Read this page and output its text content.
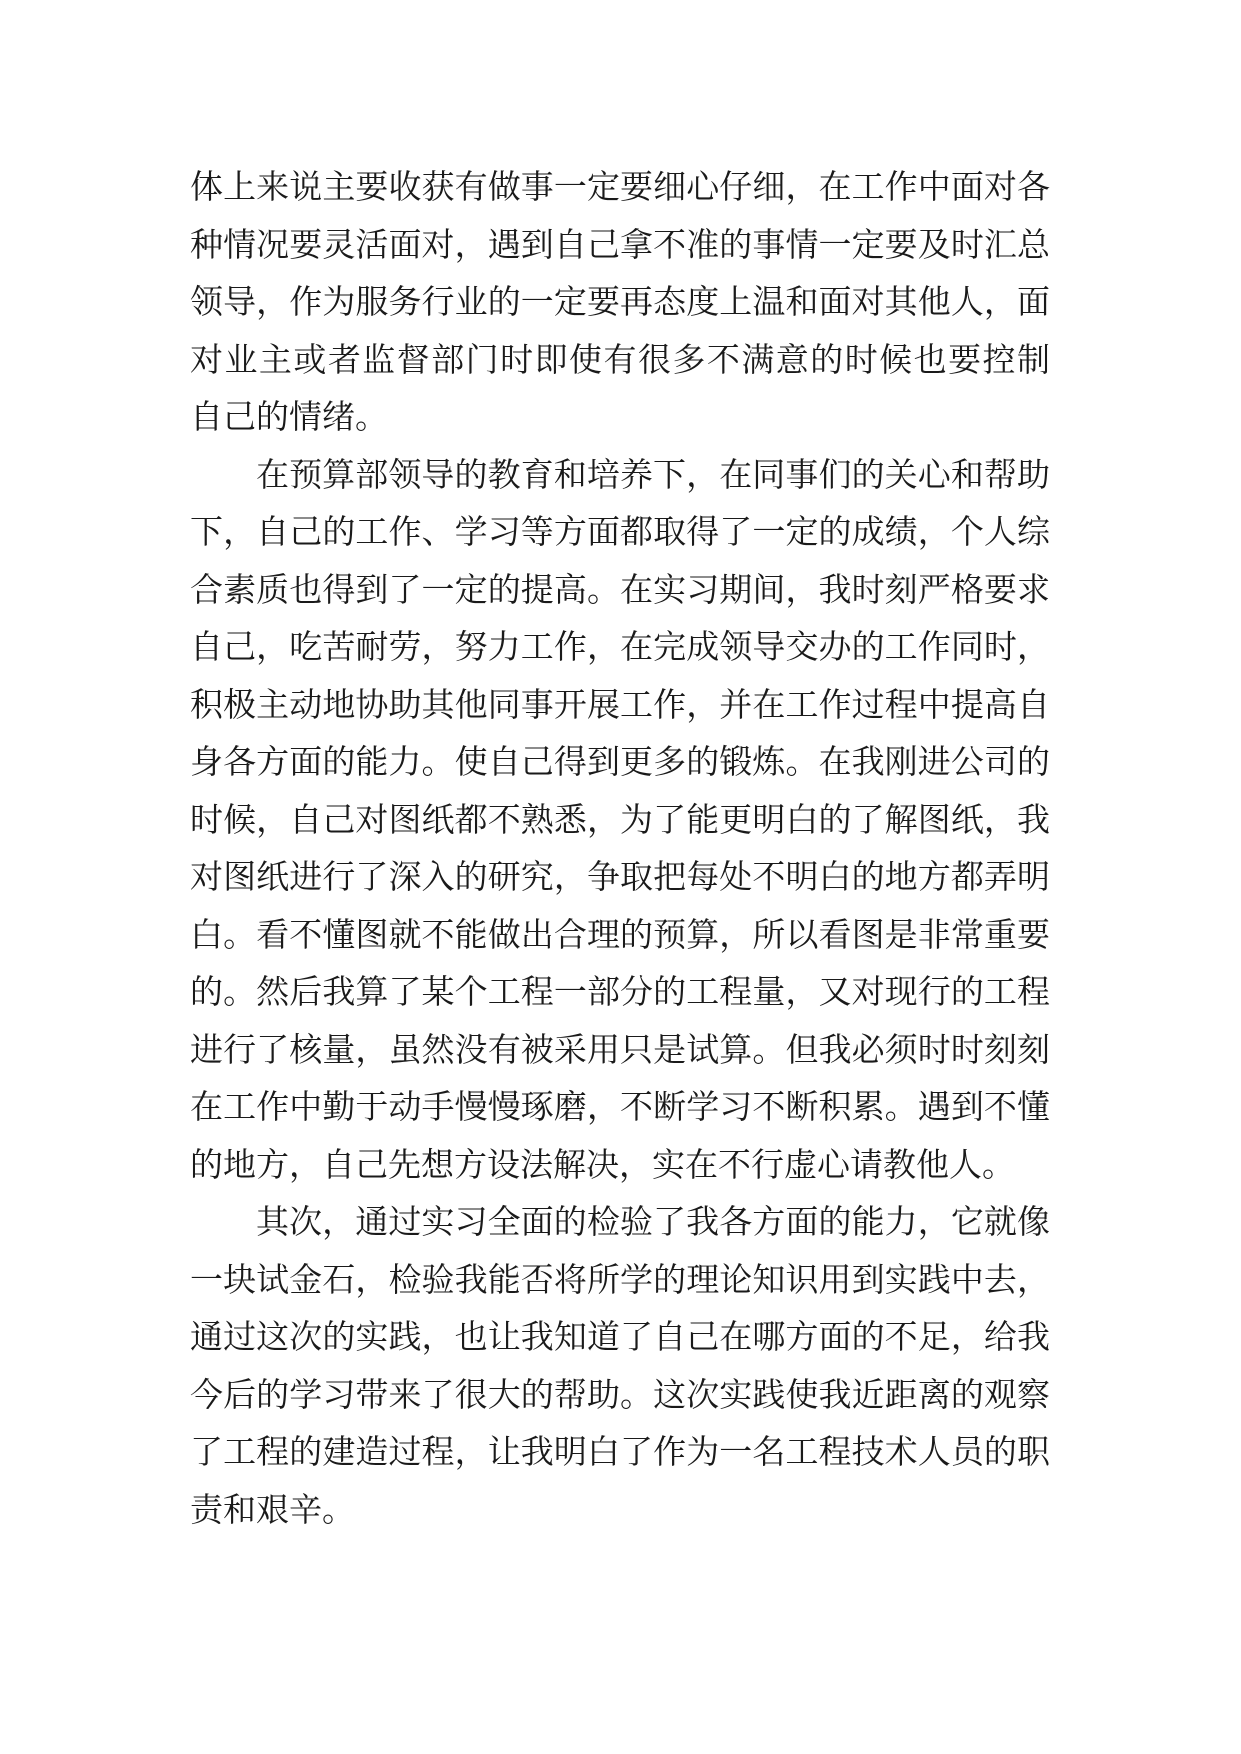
体上来说主要收获有做事一定要细心仔细，在工作中面对各
种情况要灵活面对，遇到自己拿不准的事情一定要及时汇总
领导，作为服务行业的一定要再态度上温和面对其他人，面
对业主或者监督部门时即使有很多不满意的时候也要控制
自己的情绪。
在预算部领导的教育和培养下，在同事们的关心和帮助
下，自己的工作、学习等方面都取得了一定的成绩，个人综
合素质也得到了一定的提高。在实习期间，我时刻严格要求
自己，吃苦耐劳，努力工作，在完成领导交办的工作同时，
积极主动地协助其他同事开展工作，并在工作过程中提高自
身各方面的能力。使自己得到更多的锻炼。在我刚进公司的
时候，自己对图纸都不熟悉，为了能更明白的了解图纸，我
对图纸进行了深入的研究，争取把每处不明白的地方都弄明
白。看不懂图就不能做出合理的预算，所以看图是非常重要
的。然后我算了某个工程一部分的工程量，又对现行的工程
进行了核量，虽然没有被采用只是试算。但我必须时时刻刻
在工作中勤于动手慢慢琢磨，不断学习不断积累。遇到不懂
的地方，自己先想方设法解决，实在不行虚心请教他人。
其次，通过实习全面的检验了我各方面的能力，它就像
一块试金石，检验我能否将所学的理论知识用到实践中去，
通过这次的实践，也让我知道了自己在哪方面的不足，给我
今后的学习带来了很大的帮助。这次实践使我近距离的观察
了工程的建造过程，让我明白了作为一名工程技术人员的职
责和艰辛。
